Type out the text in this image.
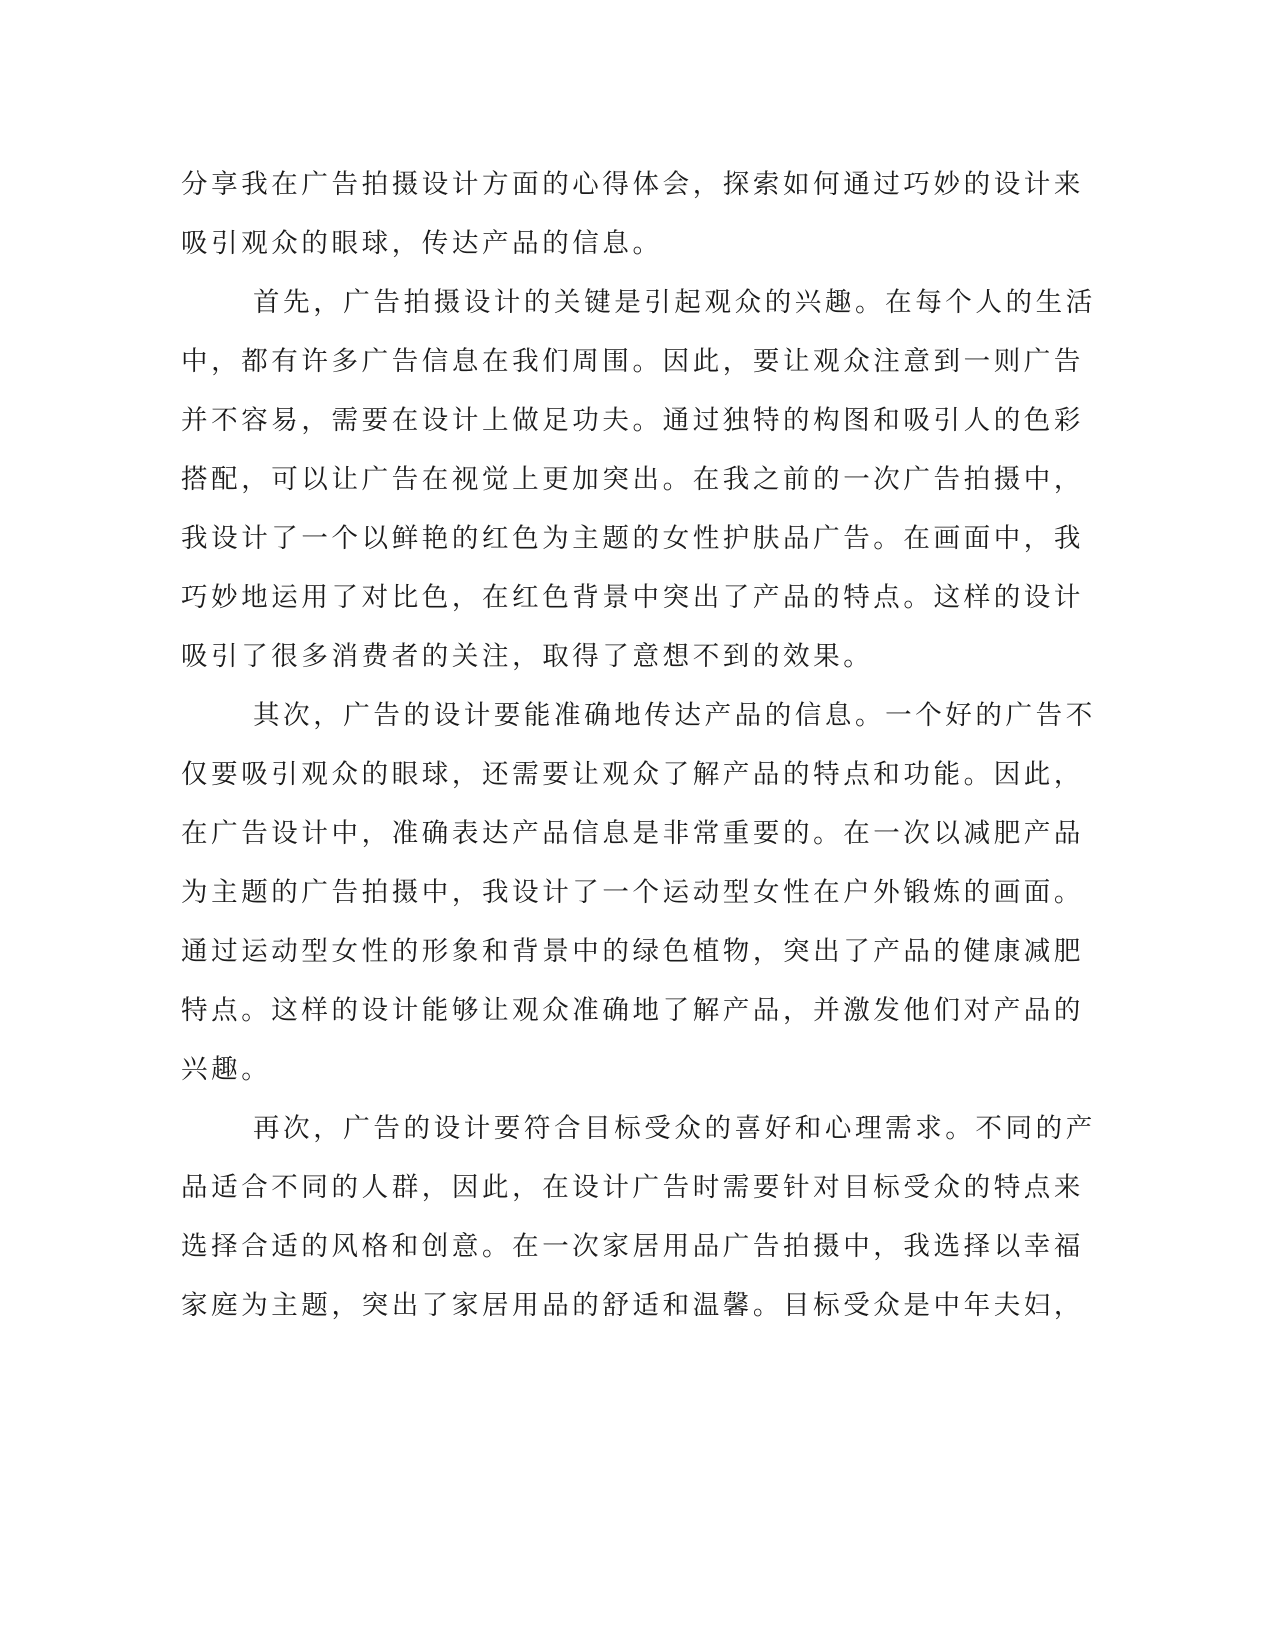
分享我在广告拍摄设计方面的心得体会，探索如何通过巧妙的设计来
吸引观众的眼球，传达产品的信息。
首先，广告拍摄设计的关键是引起观众的兴趣。在每个人的生活
中，都有许多广告信息在我们周围。因此，要让观众注意到一则广告
并不容易，需要在设计上做足功夫。通过独特的构图和吸引人的色彩
搭配，可以让广告在视觉上更加突出。在我之前的一次广告拍摄中，
我设计了一个以鲜艳的红色为主题的女性护肤品广告。在画面中，我
巧妙地运用了对比色，在红色背景中突出了产品的特点。这样的设计
吸引了很多消费者的关注，取得了意想不到的效果。
其次，广告的设计要能准确地传达产品的信息。一个好的广告不
仅要吸引观众的眼球，还需要让观众了解产品的特点和功能。因此，
在广告设计中，准确表达产品信息是非常重要的。在一次以减肥产品
为主题的广告拍摄中，我设计了一个运动型女性在户外锻炼的画面。
通过运动型女性的形象和背景中的绿色植物，突出了产品的健康减肥
特点。这样的设计能够让观众准确地了解产品，并激发他们对产品的
兴趣。
再次，广告的设计要符合目标受众的喜好和心理需求。不同的产
品适合不同的人群，因此，在设计广告时需要针对目标受众的特点来
选择合适的风格和创意。在一次家居用品广告拍摄中，我选择以幸福
家庭为主题，突出了家居用品的舒适和温馨。目标受众是中年夫妇，
